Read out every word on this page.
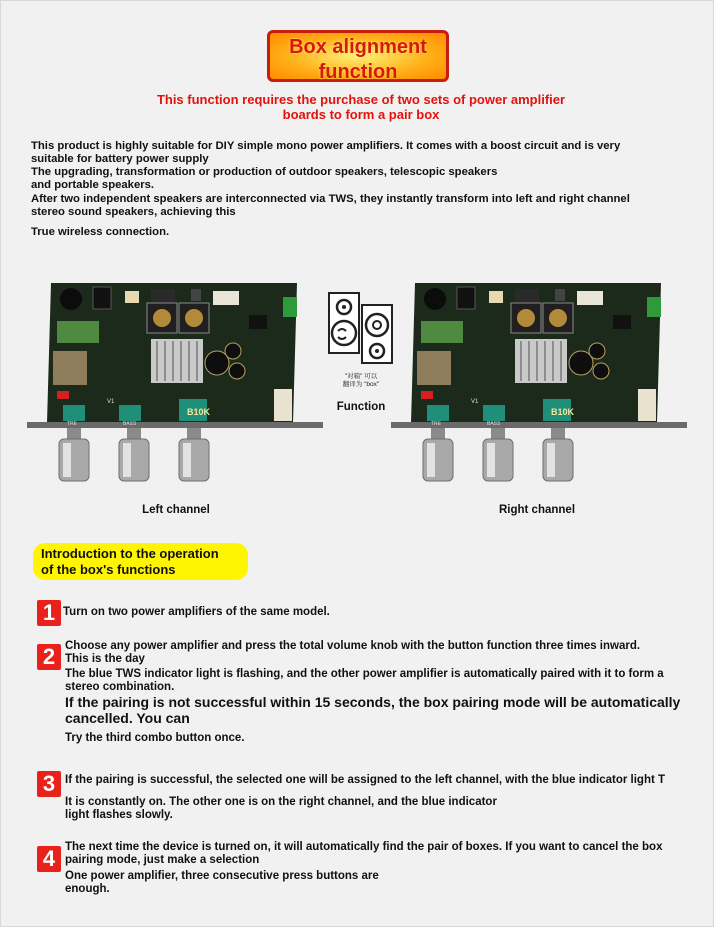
Box alignment
function
This function requires the purchase of two sets of power amplifier
boards to form a pair box
This product is highly suitable for DIY simple mono power amplifiers. It comes with a boost circuit and is very
suitable for battery power supply
The upgrading, transformation or production of outdoor speakers, telescopic speakers
and portable speakers.
After two independent speakers are interconnected via TWS, they instantly transform into left and right channel
stereo sound speakers, achieving this
True wireless connection.
B10K
V1
BASS
TRE
B10K
V1
BASS
TRE
"对箱" 可以
翻译为 "box"
Function
Left channel	Right channel
Introduction to the operation
of the box's functions
1 Turn on two power amplifiers of the same model.
2 Choose any power amplifier and press the total volume knob with the button function three times inward.
This is the day
The blue TWS indicator light is flashing, and the other power amplifier is automatically paired with it to form a
stereo combination.
If the pairing is not successful within 15 seconds, the box pairing mode will be automatically
cancelled. You can
Try the third combo button once.
3 If the pairing is successful, the selected one will be assigned to the left channel, with the blue indicator light T
It is constantly on. The other one is on the right channel, and the blue indicator
light flashes slowly.
4 The next time the device is turned on, it will automatically find the pair of boxes. If you want to cancel the box
pairing mode, just make a selection
One power amplifier, three consecutive press buttons are
enough.
